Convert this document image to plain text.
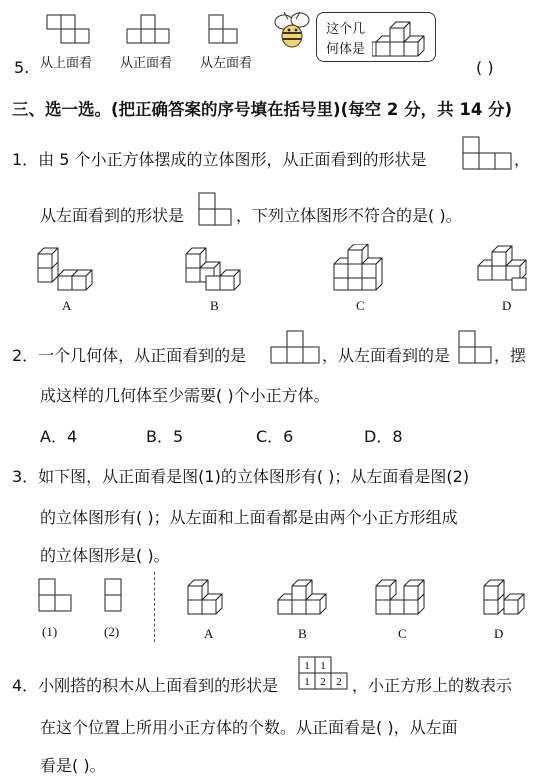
从上面看 从正面看 从左面看
5.
这个几
何体是
( )
三、选一选。(把正确答案的序号填在括号里)(每空 2 分，共 14 分)
1．由 5 个小正方体摆成的立体图形，从正面看到的形状是	，
从左面看到的形状是	，下列立体图形不符合的是( )。
A	B	C	D
2．一个几何体，从正面看到的是	，从左面看到的是	，摆
成这样的几何体至少需要( )个小正方体。
A．4	B．5	C．6	D．8
3．如下图，从正面看是图(1)的立体图形有( )；从左面看是图(2)
的立体图形有( )；从左面和上面看都是由两个小正方形组成
的立体图形是( )。
(1)	(2)	A	B	C	D
4．小刚搭的积木从上面看到的形状是
1 1
1 2 2 ，小正方形上的数表示
在这个位置上所用小正方体的个数。从正面看是( )，从左面
看是( )。
